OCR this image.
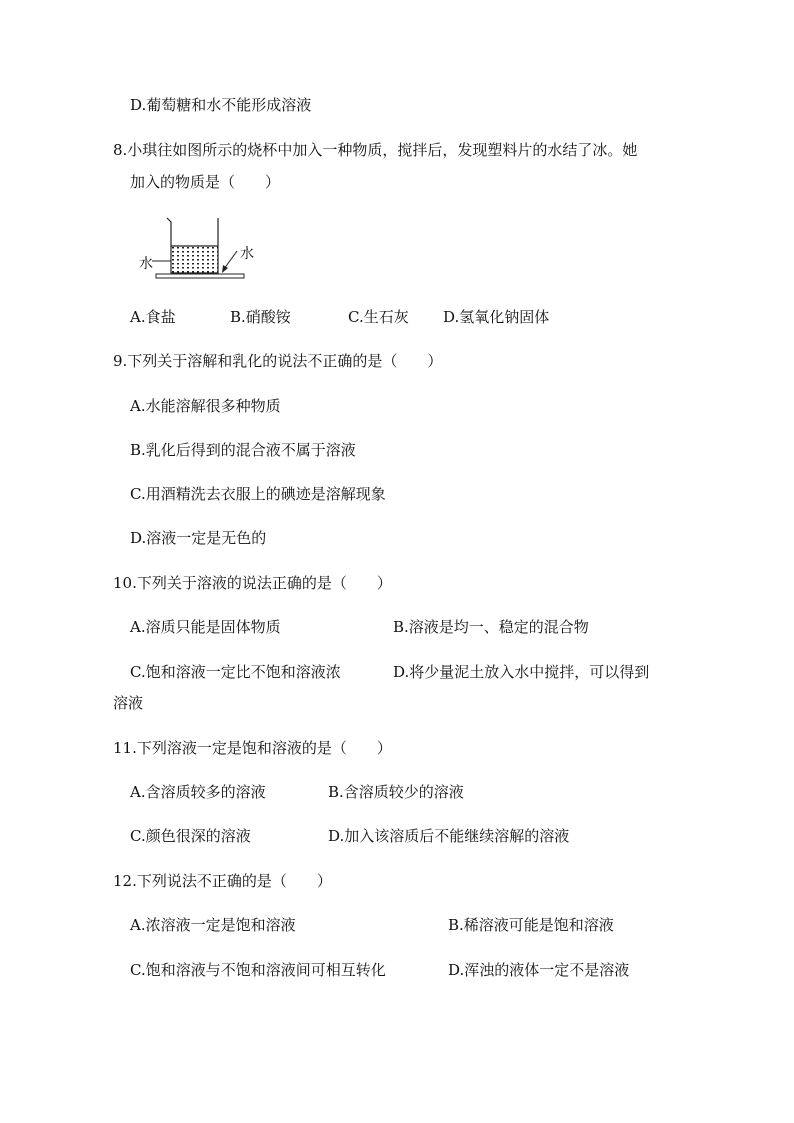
D.葡萄糖和水不能形成溶液
8.小琪往如图所示的烧杯中加入一种物质，搅拌后，发现塑料片的水结了冰。她
加入的物质是（　　）
水
水
A.食盐	B.硝酸铵	C.生石灰 D.氢氧化钠固体
9.下列关于溶解和乳化的说法不正确的是（　　）
A.水能溶解很多种物质
B.乳化后得到的混合液不属于溶液
C.用酒精洗去衣服上的碘迹是溶解现象
D.溶液一定是无色的
10.下列关于溶液的说法正确的是（　　）
A.溶质只能是固体物质	B.溶液是均一、稳定的混合物
C.饱和溶液一定比不饱和溶液浓	D.将少量泥土放入水中搅拌，可以得到
溶液
11.下列溶液一定是饱和溶液的是（　　）
A.含溶质较多的溶液	B.含溶质较少的溶液
C.颜色很深的溶液	D.加入该溶质后不能继续溶解的溶液
12.下列说法不正确的是（　　）
A.浓溶液一定是饱和溶液	B.稀溶液可能是饱和溶液
C.饱和溶液与不饱和溶液间可相互转化	D.浑浊的液体一定不是溶液
